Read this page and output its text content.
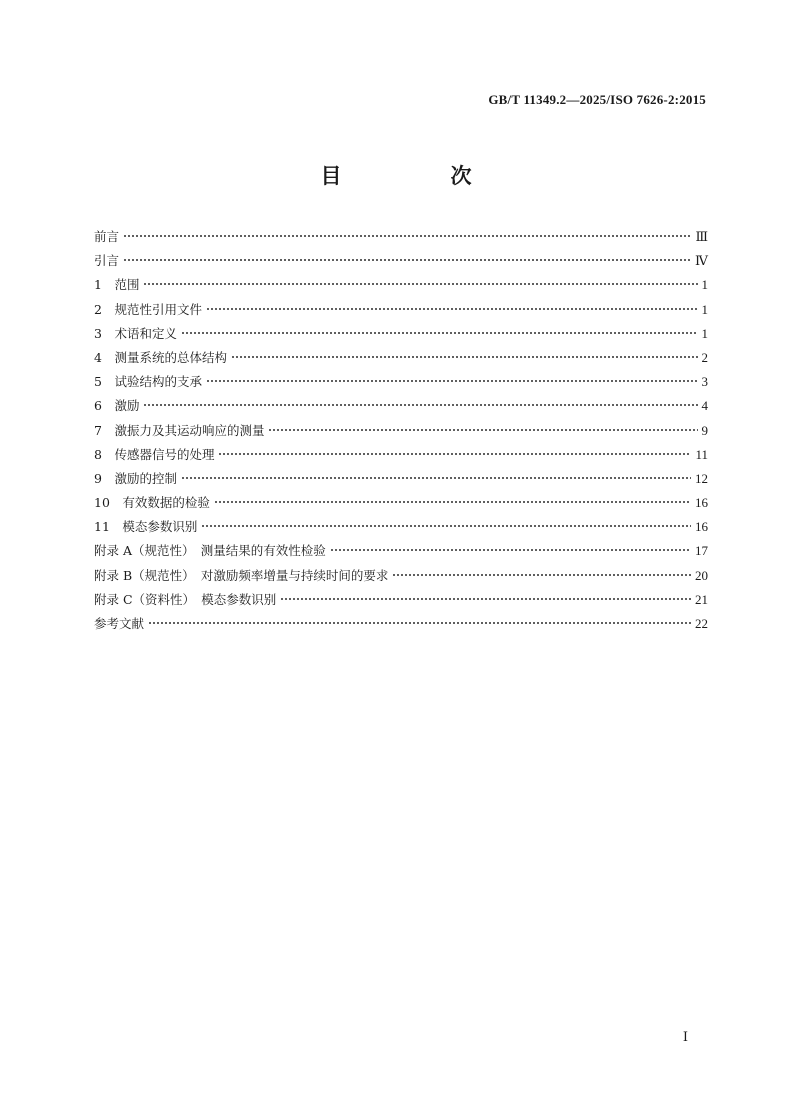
GB/T 11349.2—2025/ISO 7626-2:2015
目　次
前言	Ⅲ
引言	Ⅳ
1　范围	1
2　规范性引用文件	1
3　术语和定义	1
4　测量系统的总体结构	2
5　试验结构的支承	3
6　激励	4
7　激振力及其运动响应的测量	9
8　传感器信号的处理	11
9　激励的控制	12
10　有效数据的检验	16
11　模态参数识别	16
附录 A（规范性）　测量结果的有效性检验	17
附录 B（规范性）　对激励频率增量与持续时间的要求	20
附录 C（资料性）　模态参数识别	21
参考文献	22
Ⅰ
